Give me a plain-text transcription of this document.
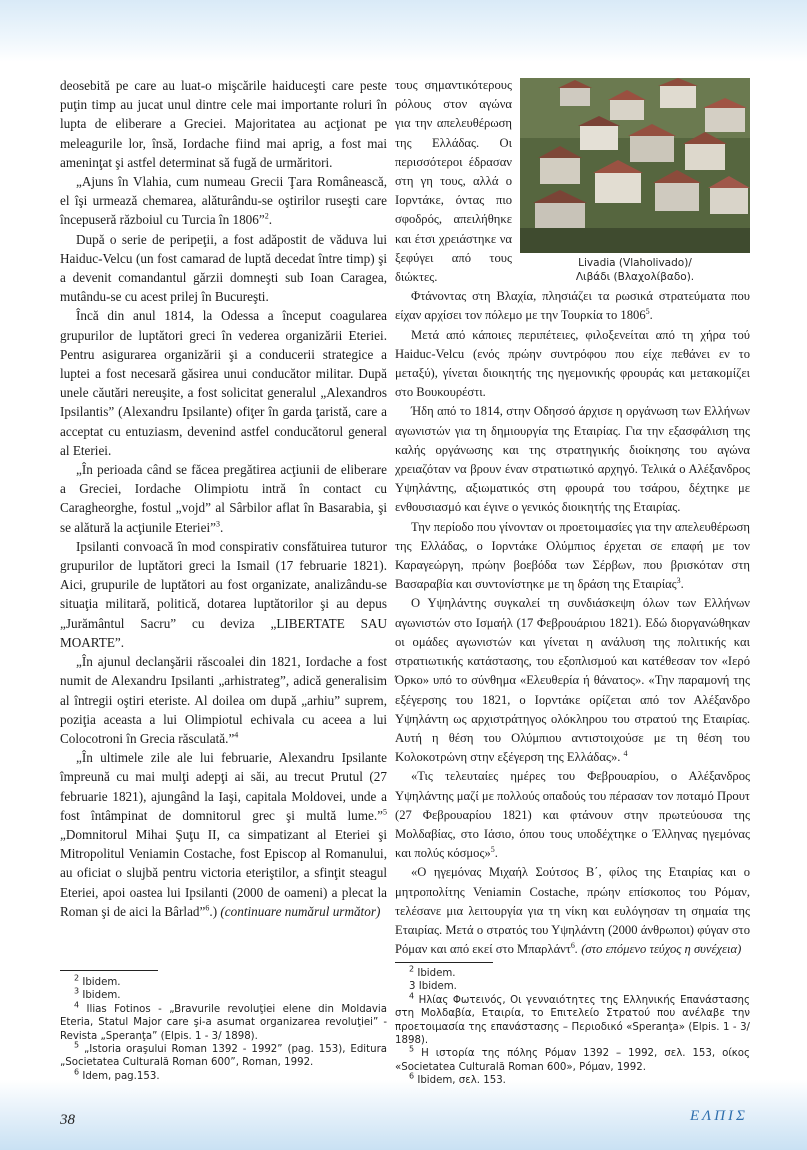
deosebită pe care au luat-o mişcările haiduceşti care peste puţin timp au jucat unul dintre cele mai importante roluri în lupta de eliberare a Greciei. Majoritatea au acţionat pe meleagurile lor, însă, Iordache fiind mai aprig, a fost mai ameninţat şi astfel determinat să fugă de urmăritori.

„Ajuns în Vlahia, cum numeau Grecii Ţara Românească, el îşi urmează chemarea, alăturându-se oştirilor ruseşti care începuseră războiul cu Turcia în 1806”$^2$.

După o serie de peripeţii, a fost adăpostit de văduva lui Haiduc-Velcu (un fost camarad de luptă decedat între timp) şi a devenit comandantul gărzii domneşti sub Ioan Caragea, mutându-se cu acest prilej în Bucureşti.

Încă din anul 1814, la Odessa a început coagularea grupurilor de luptători greci în vederea organizării Eteriei. Pentru asigurarea organizării şi a conducerii strategice a luptei a fost necesară găsirea unui conducător militar. După unele căutări nereuşite, a fost solicitat generalul „Alexandros Ipsilantis” (Alexandru Ipsilante) ofiţer în garda ţaristă, care a acceptat cu entuziasm, devenind astfel conducătorul general al Eteriei.

„În perioada când se făcea pregătirea acţiunii de eliberare a Greciei, Iordache Olimpiotu intră în contact cu Caragheorghe, fostul „vojd” al Sârbilor aflat în Basarabia, şi se alătură la acţiunile Eteriei”$^3$.

Ipsilanti convoacă în mod conspirativ consfătuirea tuturor grupurilor de luptători greci la Ismail (17 februarie 1821). Aici, grupurile de luptători au fost organizate, analizându-se situaţia militară, politică, dotarea luptătorilor şi au depus „Jurământul Sacru” cu deviza „LIBERTATE SAU MOARTE”.

„În ajunul declanşării răscoalei din 1821, Iordache a fost numit de Alexandru Ipsilanti „arhistrateg”, adică generalisim al întregii oştiri eteriste. Al doilea om după „arhiu” suprem, poziţia aceasta a lui Olimpiotul echivala cu aceea a lui Colocotroni în Grecia răsculată.”$^4$

„În ultimele zile ale lui februarie, Alexandru Ipsilante împreună cu mai mulţi adepţi ai săi, au trecut Prutul (27 februarie 1821), ajungând la Iaşi, capitala Moldovei, unde a fost întâmpinat de domnitorul grec şi multă lume.”$^5$ „Domnitorul Mihai Şuţu II, ca simpatizant al Eteriei şi Mitropolitul Veniamin Costache, fost Episcop al Romanului, au oficiat o slujbă pentru victoria eteriştilor, a sfinţit steagul Eteriei, apoi oastea lui Ipsilanti (2000 de oameni) a plecat la Roman şi de aici la Bârlad”$^6$.) (continuare numărul următor)

$^2$ Ibidem.

$^3$ Ibidem.

$^4$ Ilias Fotinos - „Bravurile revoluţiei elene din Moldavia Eteria, Statul Major care şi-a asumat organizarea revoluţiei” - Revista „Speranţa” (Elpis. 1 - 3/ 1898).

$^5$ „Istoria oraşului Roman 1392 - 1992” (pag. 153), Editura „Societatea Culturală Roman 600”, Roman, 1992.

$^6$ Idem, pag.153.

Livadia (Vlaholivado)/
Λιβάδι (Βλαχολίβαδο).

τους σημαντικότερους ρόλους στον αγώνα για την απελευθέρωση της Ελλάδας. Οι περισσότεροι έδρασαν στη γη τους, αλλά ο Ιορντάκε, όντας πιο σφοδρός, απειλήθηκε και έτσι χρειάστηκε να ξεφύγει από τους διώκτες.

Φτάνοντας στη Βλαχία, πλησιάζει τα ρωσικά στρατεύματα που είχαν αρχίσει τον πόλεμο με την Τουρκία το 1806$^5$.

Μετά από κάποιες περιπέτειες, φιλοξενείται από τη χήρα τού Haiduc-Velcu (ενός πρώην συντρόφου που είχε πεθάνει εν το μεταξύ), γίνεται διοικητής της ηγεμονικής φρουράς και μετακομίζει στο Βουκουρέστι.

Ήδη από το 1814, στην Οδησσό άρχισε η οργάνωση των Ελλήνων αγωνιστών για τη δημιουργία της Εταιρίας. Για την εξασφάλιση της καλής οργάνωσης και της στρατηγικής διοίκησης του αγώνα χρειαζόταν να βρουν έναν στρατιωτικό αρχηγό. Τελικά ο Αλέξανδρος Υψηλάντης, αξιωματικός στη φρουρά του τσάρου, δέχτηκε με ενθουσιασμό και έγινε ο γενικός διοικητής της Εταιρίας.

Την περίοδο που γίνονταν οι προετοιμασίες για την απελευθέρωση της Ελλάδας, ο Ιορντάκε Ολύμπιος έρχεται σε επαφή με τον Καραγεώργη, πρώην βοεβόδα των Σέρβων, που βρισκόταν στη Βασαραβία και συντονίστηκε με τη δράση της Εταιρίας$^3$.

Ο Υψηλάντης συγκαλεί τη συνδιάσκεψη όλων των Ελλήνων αγωνιστών στο Ισμαήλ (17 Φεβρουάριου 1821). Εδώ διοργανώθηκαν οι ομάδες αγωνιστών και γίνεται η ανάλυση της πολιτικής και στρατιωτικής κατάστασης, του εξοπλισμού και κατέθεσαν τον «Ιερό Όρκο» υπό το σύνθημα «Ελευθερία ή θάνατος». «Την παραμονή της εξέγερσης του 1821, ο Ιορντάκε ορίζεται από τον Αλέξανδρο Υψηλάντη ως αρχιστράτηγος ολόκληρου του στρατού της Εταιρίας. Αυτή η θέση του Ολύμπιου αντιστοιχούσε με τη θέση του Κολοκοτρώνη στην εξέγερση της Ελλάδας». $^4$

«Τις τελευταίες ημέρες του Φεβρουαρίου, ο Αλέξανδρος Υψηλάντης μαζί με πολλούς οπαδούς του πέρασαν τον ποταμό Προυτ (27 Φεβρουαρίου 1821) και φτάνουν στην πρωτεύουσα της Μολδαβίας, στο Ιάσιο, όπου τους υποδέχτηκε ο Έλληνας ηγεμόνας και πολύς κόσμος»$^5$.

«Ο ηγεμόνας Μιχαήλ Σούτσος Β΄, φίλος της Εταιρίας και ο μητροπολίτης Veniamin Costache, πρώην επίσκοπος του Ρόμαν, τελέσανε μια λειτουργία για τη νίκη και ευλόγησαν τη σημαία της Εταιρίας. Μετά ο στρατός του Υψηλάντη (2000 άνθρωποι) φύγαν στο Ρόμαν και από εκεί στο Μπαρλάντ$^6$. (στο επόμενο τεύχος η συνέχεια)

$^2$ Ibidem.

3 Ibidem.

$^4$ Ηλίας Φωτεινός, Οι γενναιότητες της Ελληνικής Επανάστασης στη Μολδαβία, Εταιρία, το Επιτελείο Στρατού που ανέλαβε την προετοιμασία της επανάστασης – Περιοδικό «Speranţa» (Elpis. 1 - 3/ 1898).

$^5$ Η ιστορία της πόλης Ρόμαν 1392 – 1992, σελ. 153, οίκος «Societatea Culturală Roman 600», Ρόμαν, 1992.

$^6$ Ibidem, σελ. 153.

38	ΕΛΠΙΣ
